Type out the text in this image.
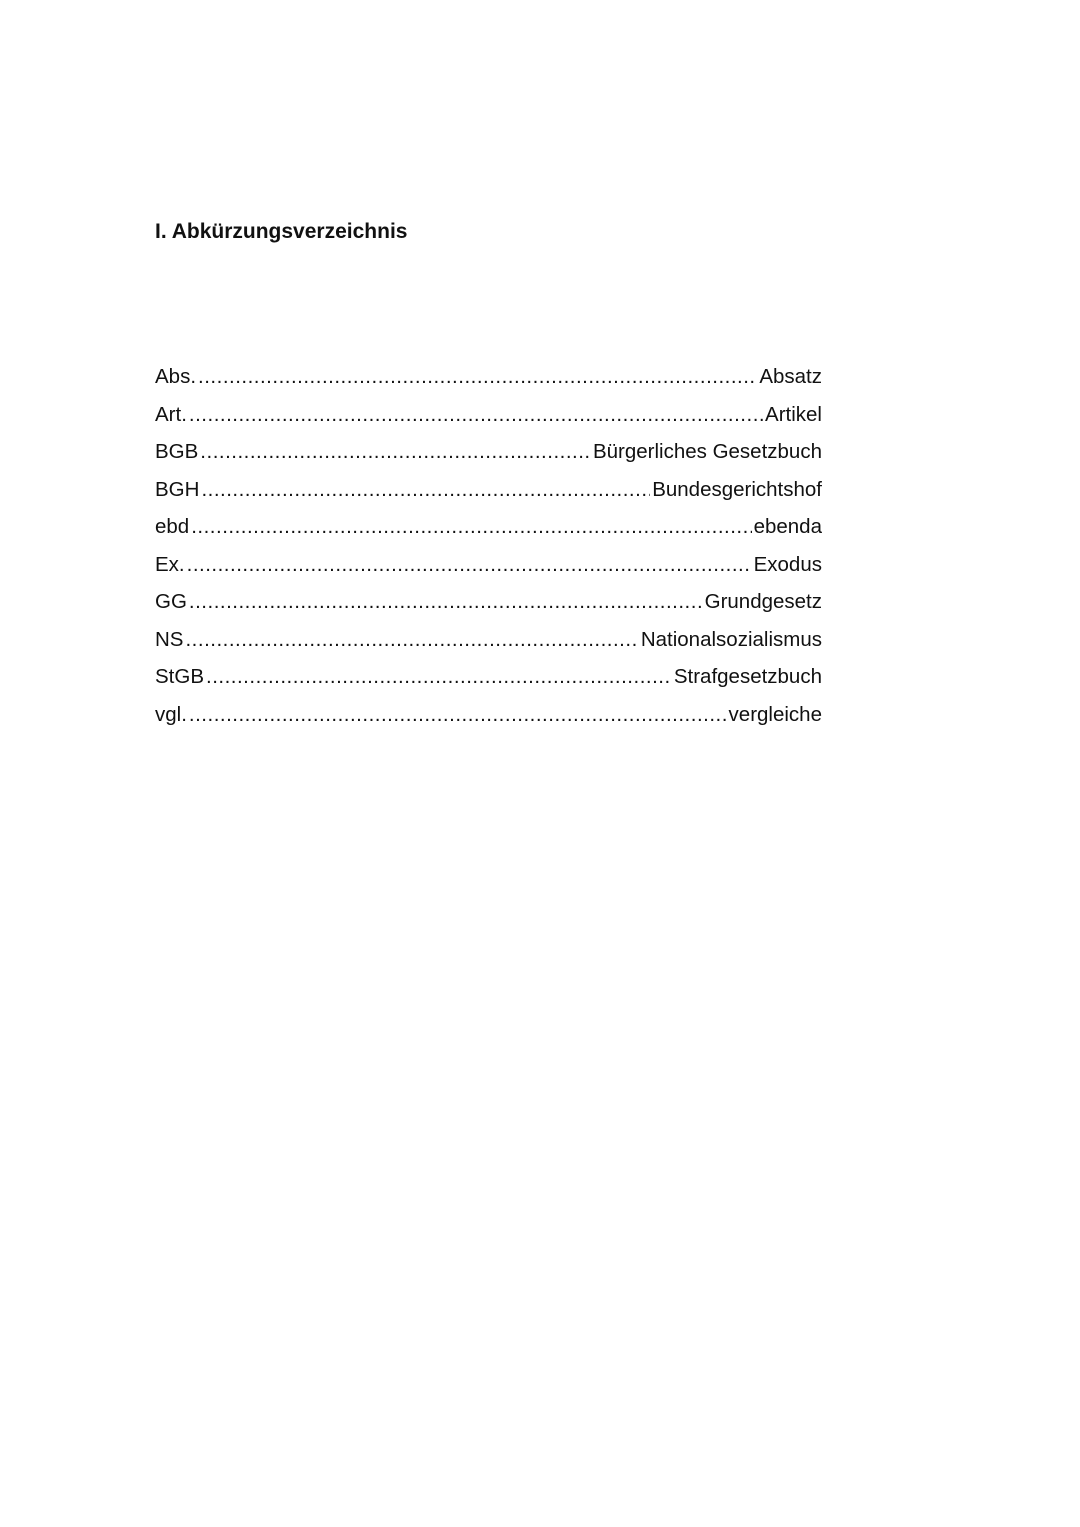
I. Abkürzungsverzeichnis
Abs. .....	Absatz
Art. .....	Artikel
BGB .....	Bürgerliches Gesetzbuch
BGH .....	Bundesgerichtshof
ebd .....	ebenda
Ex. .....	Exodus
GG .....	Grundgesetz
NS .....	Nationalsozialismus
StGB .....	Strafgesetzbuch
vgl. .....	vergleiche
